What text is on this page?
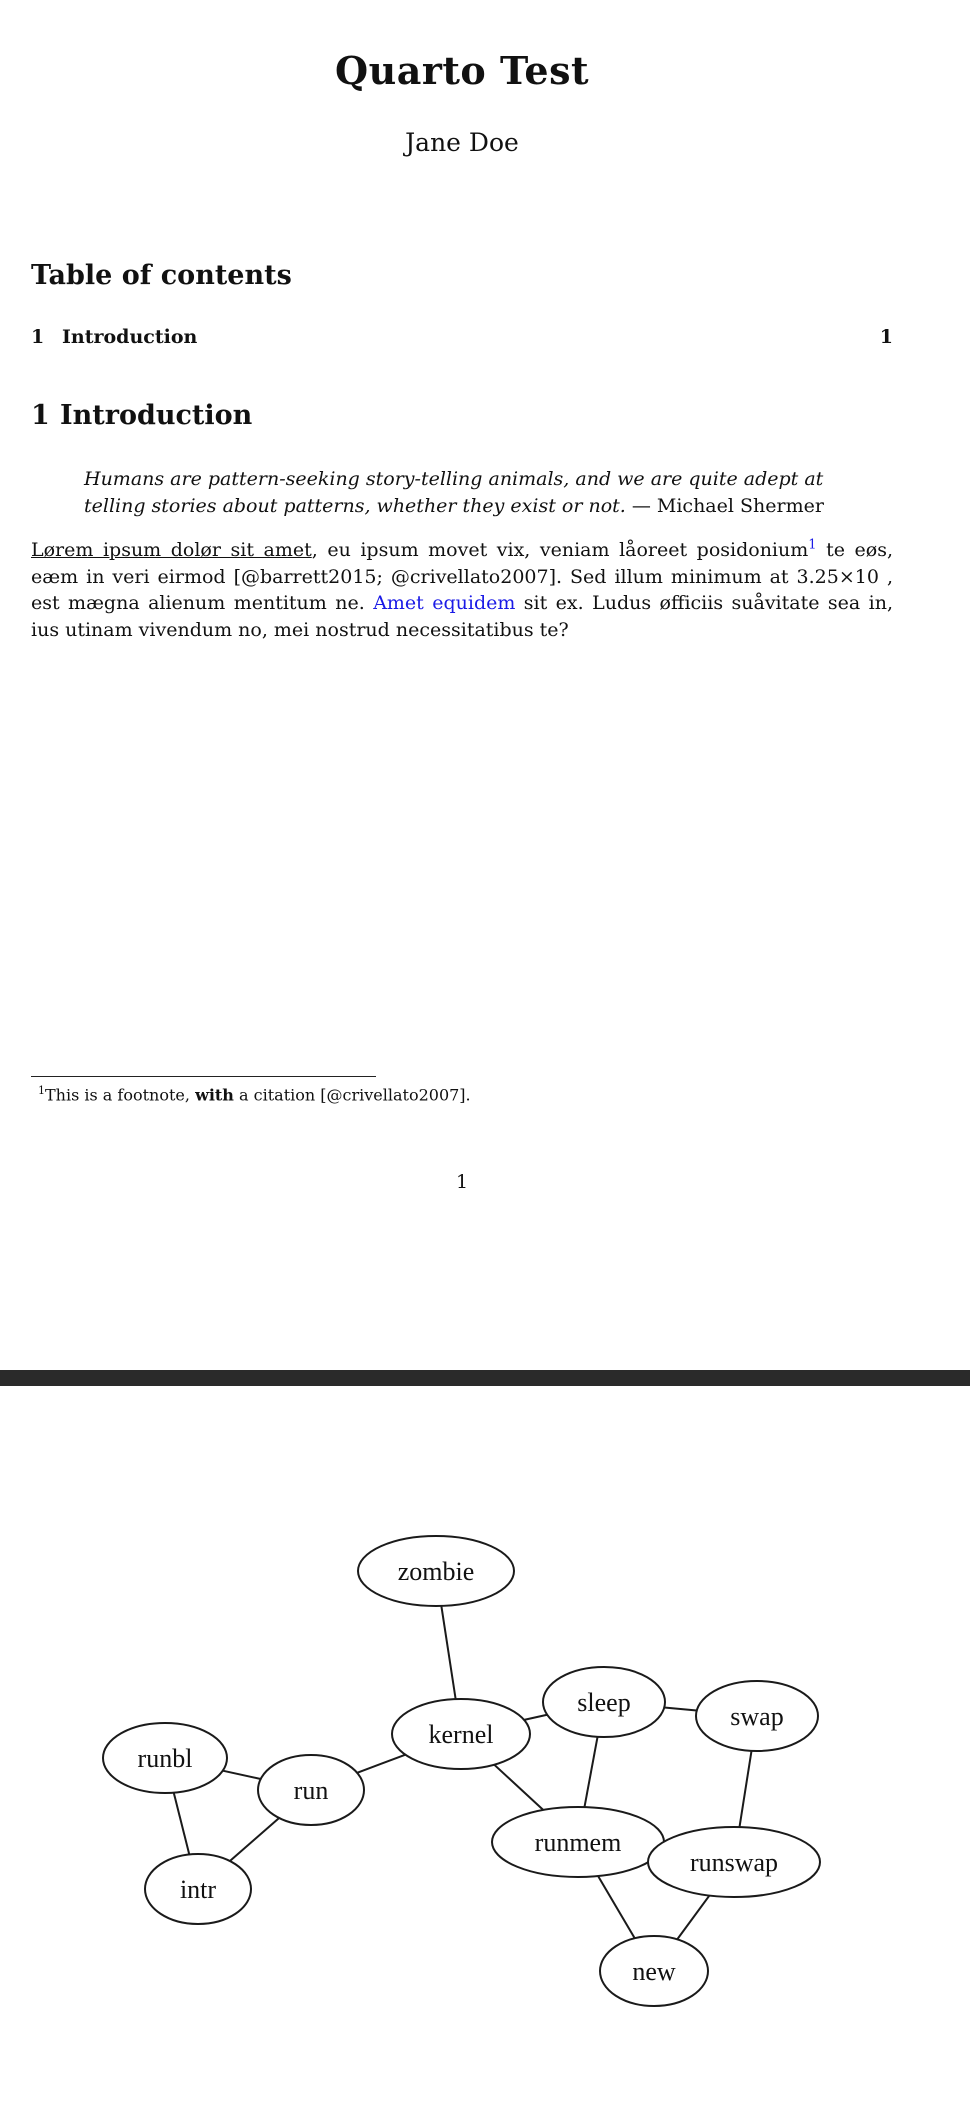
Quarto Test
Jane Doe
Table of contents
1 Introduction	1
1 Introduction
Humans are pattern-seeking story-telling animals, and we are quite adept at telling stories about patterns, whether they exist or not. — Michael Shermer
Lørem ipsum dolør sit amet, eu ipsum movet vix, veniam låoreet posidonium$^1$ te eøs, eæm in veri eirmod [@barrett2015; @crivellato2007]. Sed illum minimum at 3.25×10 , est mægna alienum mentitum ne. Amet equidem sit ex. Ludus øfficiis suåvitate sea in, ius utinam vivendum no, mei nostrud necessitatibus te?
$^1$This is a footnote, with a citation [@crivellato2007].
1
zombie
kernel
sleep	swap
runbl
run
runmem
runswap
intr
new
